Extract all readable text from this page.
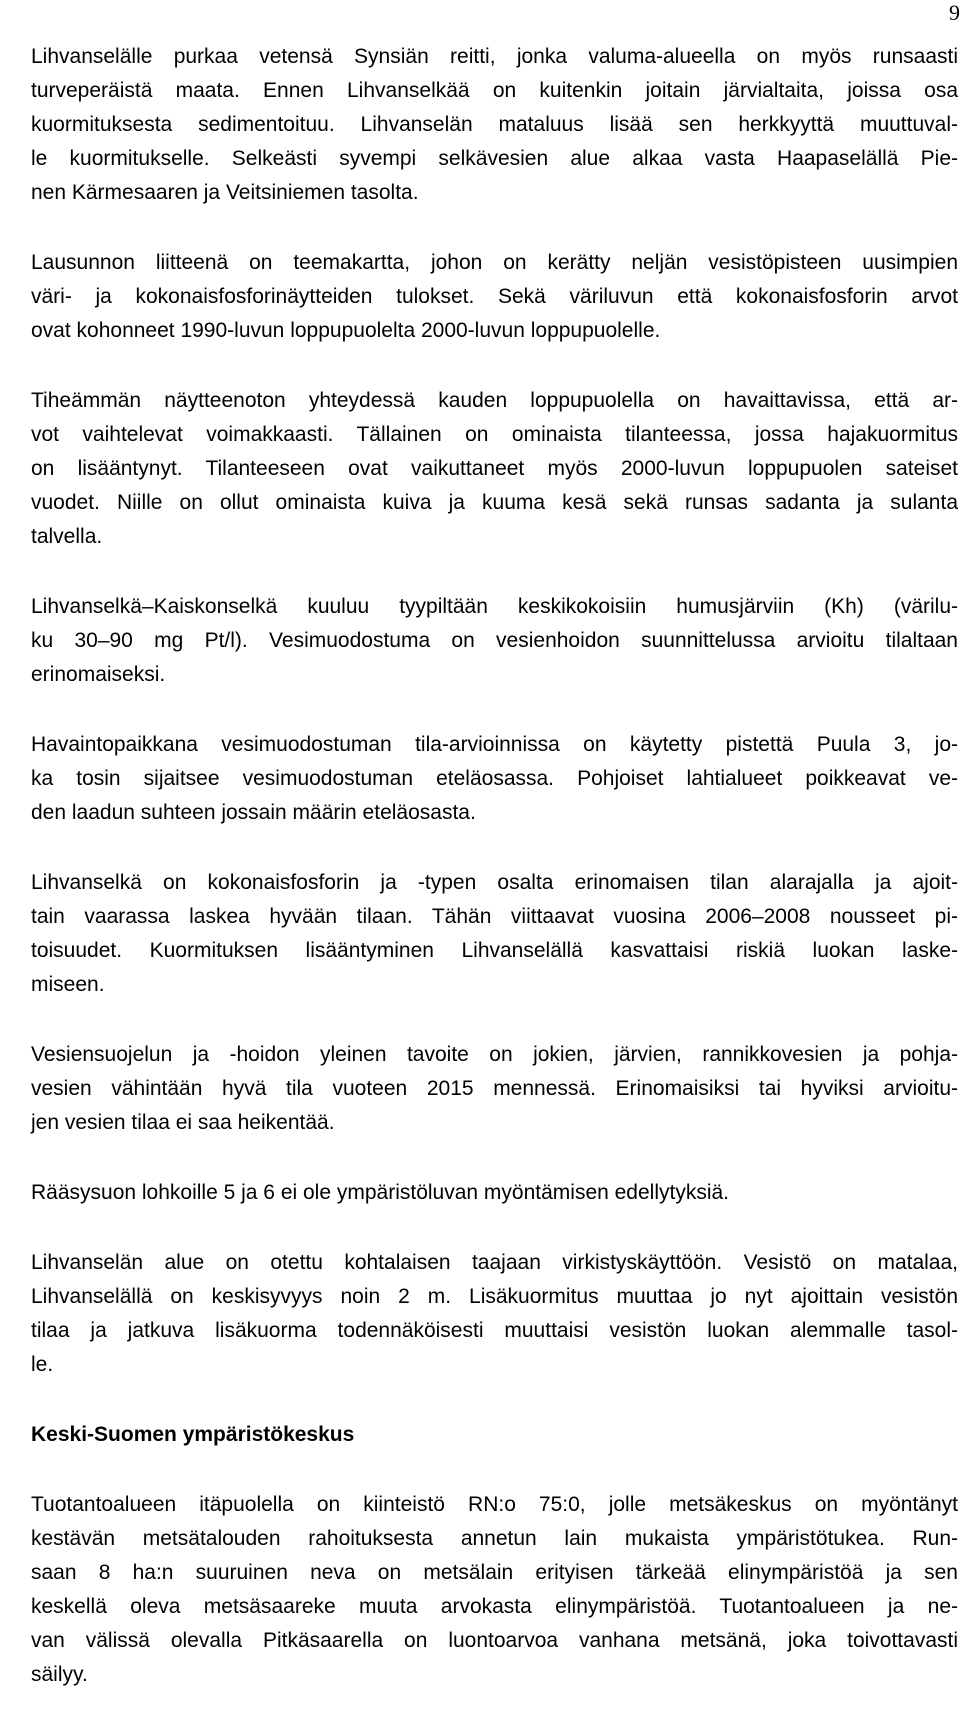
9
Lihvanselälle purkaa vetensä Synsiän reitti, jonka valuma-alueella on myös runsaasti
turveperäistä maata. Ennen Lihvanselkää on kuitenkin joitain järvialtaita, joissa osa
kuormituksesta sedimentoituu. Lihvanselän mataluus lisää sen herkkyyttä muuttuval-
le kuormitukselle. Selkeästi syvempi selkävesien alue alkaa vasta Haapaselällä Pie-
nen Kärmesaaren ja Veitsiniemen tasolta.
Lausunnon liitteenä on teemakartta, johon on kerätty neljän vesistöpisteen uusimpien
väri- ja kokonaisfosforinäytteiden tulokset. Sekä väriluvun että kokonaisfosforin arvot
ovat kohonneet 1990-luvun loppupuolelta 2000-luvun loppupuolelle.
Tiheämmän näytteenoton yhteydessä kauden loppupuolella on havaittavissa, että ar-
vot vaihtelevat voimakkaasti. Tällainen on ominaista tilanteessa, jossa hajakuormitus
on lisääntynyt. Tilanteeseen ovat vaikuttaneet myös 2000-luvun loppupuolen sateiset
vuodet. Niille on ollut ominaista kuiva ja kuuma kesä sekä runsas sadanta ja sulanta
talvella.
Lihvanselkä–Kaiskonselkä kuuluu tyypiltään keskikokoisiin humusjärviin (Kh) (värilu-
ku 30–90 mg Pt/l). Vesimuodostuma on vesienhoidon suunnittelussa arvioitu tilaltaan
erinomaiseksi.
Havaintopaikkana vesimuodostuman tila-arvioinnissa on käytetty pistettä Puula 3, jo-
ka tosin sijaitsee vesimuodostuman eteläosassa. Pohjoiset lahtialueet poikkeavat ve-
den laadun suhteen jossain määrin eteläosasta.
Lihvanselkä on kokonaisfosforin ja -typen osalta erinomaisen tilan alarajalla ja ajoit-
tain vaarassa laskea hyvään tilaan. Tähän viittaavat vuosina 2006–2008 nousseet pi-
toisuudet. Kuormituksen lisääntyminen Lihvanselällä kasvattaisi riskiä luokan laske-
miseen.
Vesiensuojelun ja -hoidon yleinen tavoite on jokien, järvien, rannikkovesien ja pohja-
vesien vähintään hyvä tila vuoteen 2015 mennessä. Erinomaisiksi tai hyviksi arvioitu-
jen vesien tilaa ei saa heikentää.
Rääsysuon lohkoille 5 ja 6 ei ole ympäristöluvan myöntämisen edellytyksiä.
Lihvanselän alue on otettu kohtalaisen taajaan virkistyskäyttöön. Vesistö on matalaa,
Lihvanselällä on keskisyvyys noin 2 m. Lisäkuormitus muuttaa jo nyt ajoittain vesistön
tilaa ja jatkuva lisäkuorma todennäköisesti muuttaisi vesistön luokan alemmalle tasol-
le.
Keski-Suomen ympäristökeskus
Tuotantoalueen itäpuolella on kiinteistö RN:o 75:0, jolle metsäkeskus on myöntänyt
kestävän metsätalouden rahoituksesta annetun lain mukaista ympäristötukea. Run-
saan 8 ha:n suuruinen neva on metsälain erityisen tärkeää elinympäristöä ja sen
keskellä oleva metsäsaareke muuta arvokasta elinympäristöä. Tuotantoalueen ja ne-
van välissä olevalla Pitkäsaarella on luontoarvoa vanhana metsänä, joka toivottavasti
säilyy.
